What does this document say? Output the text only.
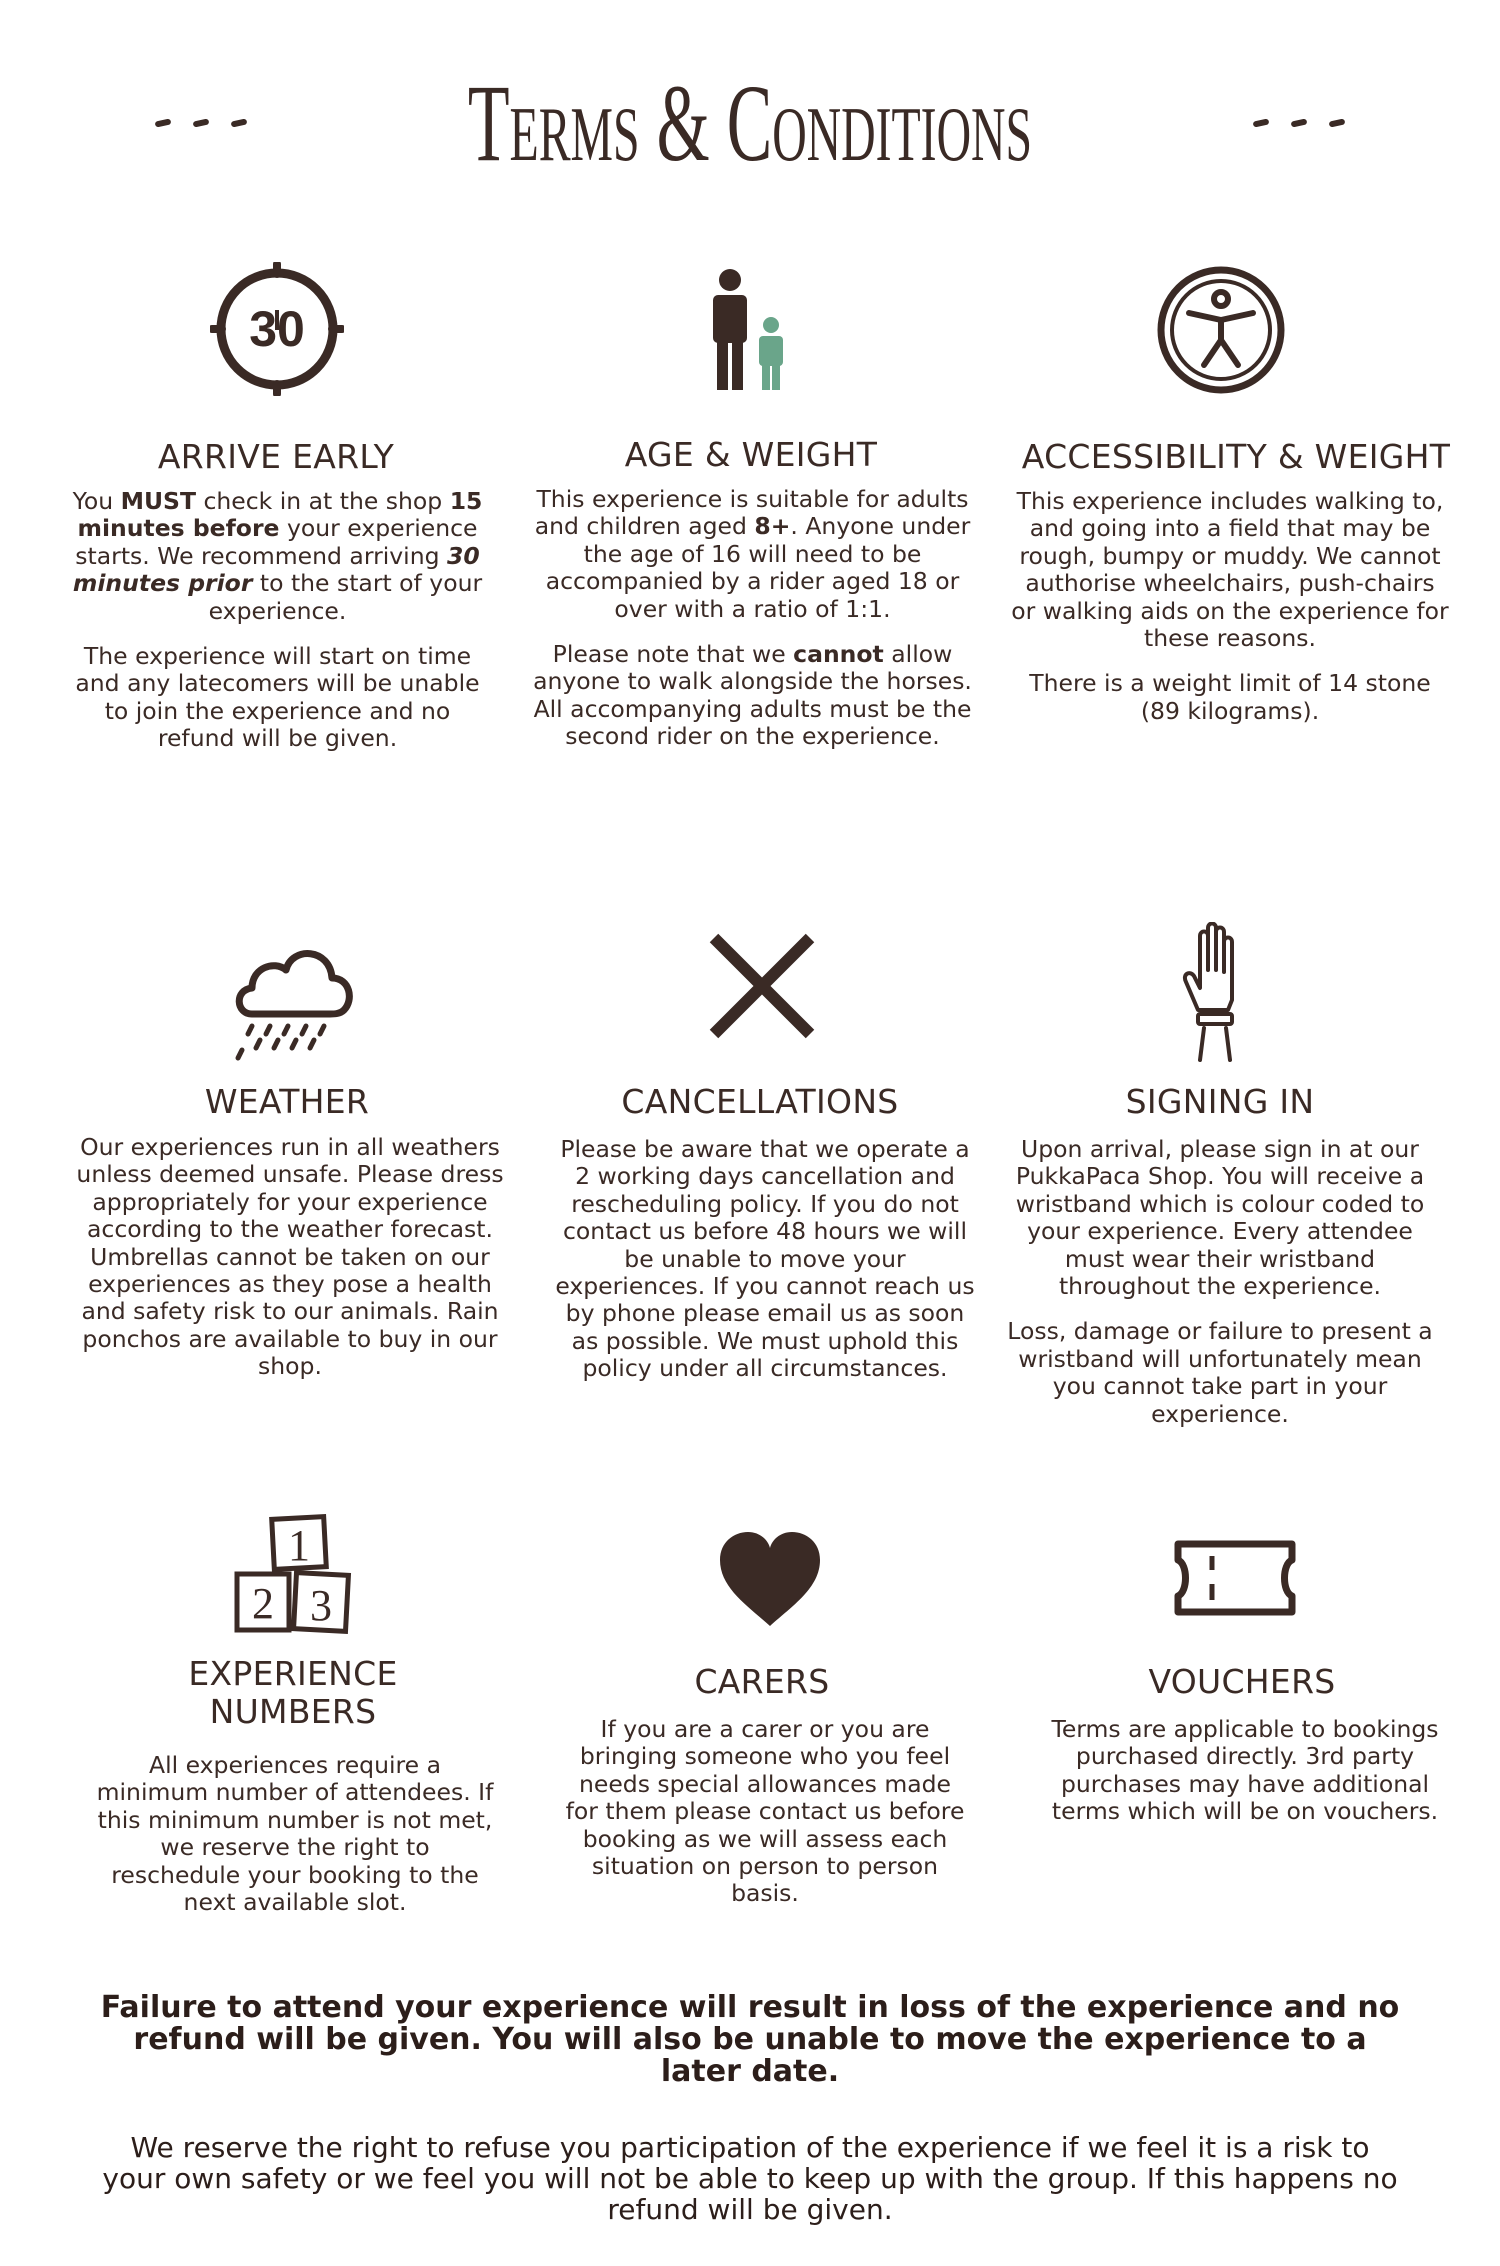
Terms & Conditions
30
ARRIVE EARLY	AGE & WEIGHT	ACCESSIBILITY & WEIGHT

You MUST check in at the shop 15 minutes before your experience starts. We recommend arriving 30 minutes prior to the start of your experience.

The experience will start on time and any latecomers will be unable to join the experience and no refund will be given.

This experience is suitable for adults and children aged 8+. Anyone under the age of 16 will need to be accompanied by a rider aged 18 or over with a ratio of 1:1.

Please note that we cannot allow anyone to walk alongside the horses. All accompanying adults must be the second rider on the experience.

This experience includes walking to, and going into a field that may be rough, bumpy or muddy. We cannot authorise wheelchairs, push-chairs or walking aids on the experience for these reasons.

There is a weight limit of 14 stone (89 kilograms).

WEATHER	CANCELLATIONS	SIGNING IN

Our experiences run in all weathers unless deemed unsafe. Please dress appropriately for your experience according to the weather forecast. Umbrellas cannot be taken on our experiences as they pose a health and safety risk to our animals. Rain ponchos are available to buy in our shop.

Please be aware that we operate a 2 working days cancellation and rescheduling policy. If you do not contact us before 48 hours we will be unable to move your experiences. If you cannot reach us by phone please email us as soon as possible. We must uphold this policy under all circumstances.

Upon arrival, please sign in at our PukkaPaca Shop. You will receive a wristband which is colour coded to your experience. Every attendee must wear their wristband throughout the experience.

Loss, damage or failure to present a wristband will unfortunately mean you cannot take part in your experience.

1
2 3
EXPERIENCE NUMBERS
CARERS	VOUCHERS

All experiences require a minimum number of attendees. If this minimum number is not met, we reserve the right to reschedule your booking to the next available slot.

If you are a carer or you are bringing someone who you feel needs special allowances made for them please contact us before booking as we will assess each situation on person to person basis.

Terms are applicable to bookings purchased directly. 3rd party purchases may have additional terms which will be on vouchers.

Failure to attend your experience will result in loss of the experience and no refund will be given. You will also be unable to move the experience to a later date.
We reserve the right to refuse you participation of the experience if we feel it is a risk to your own safety or we feel you will not be able to keep up with the group. If this happens no refund will be given.
